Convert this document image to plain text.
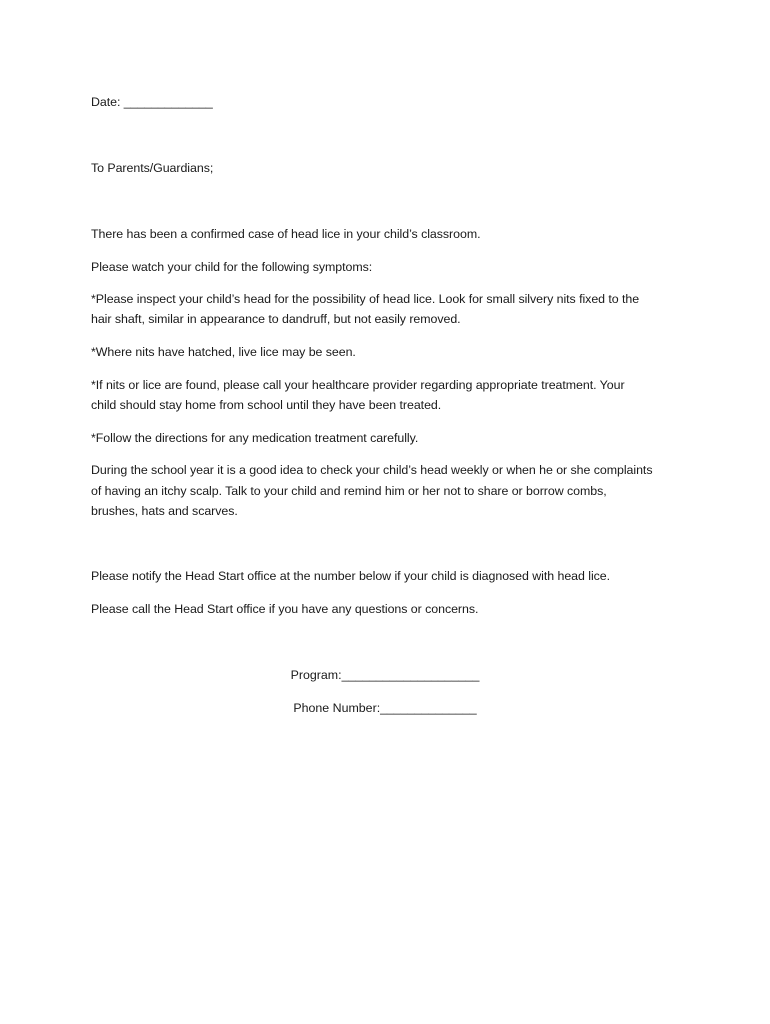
Date: _____________
To Parents/Guardians;
There has been a confirmed case of head lice in your child’s classroom.
Please watch your child for the following symptoms:
*Please inspect your child’s head for the possibility of head lice. Look for small silvery nits fixed to the
hair shaft, similar in appearance to dandruff, but not easily removed.
*Where nits have hatched, live lice may be seen.
*If nits or lice are found, please call your healthcare provider regarding appropriate treatment. Your
child should stay home from school until they have been treated.
*Follow the directions for any medication treatment carefully.
During the school year it is a good idea to check your child’s head weekly or when he or she complaints
of having an itchy scalp. Talk to your child and remind him or her not to share or borrow combs,
brushes, hats and scarves.
Please notify the Head Start office at the number below if your child is diagnosed with head lice.
Please call the Head Start office if you have any questions or concerns.
Program:____________________
Phone Number:______________
